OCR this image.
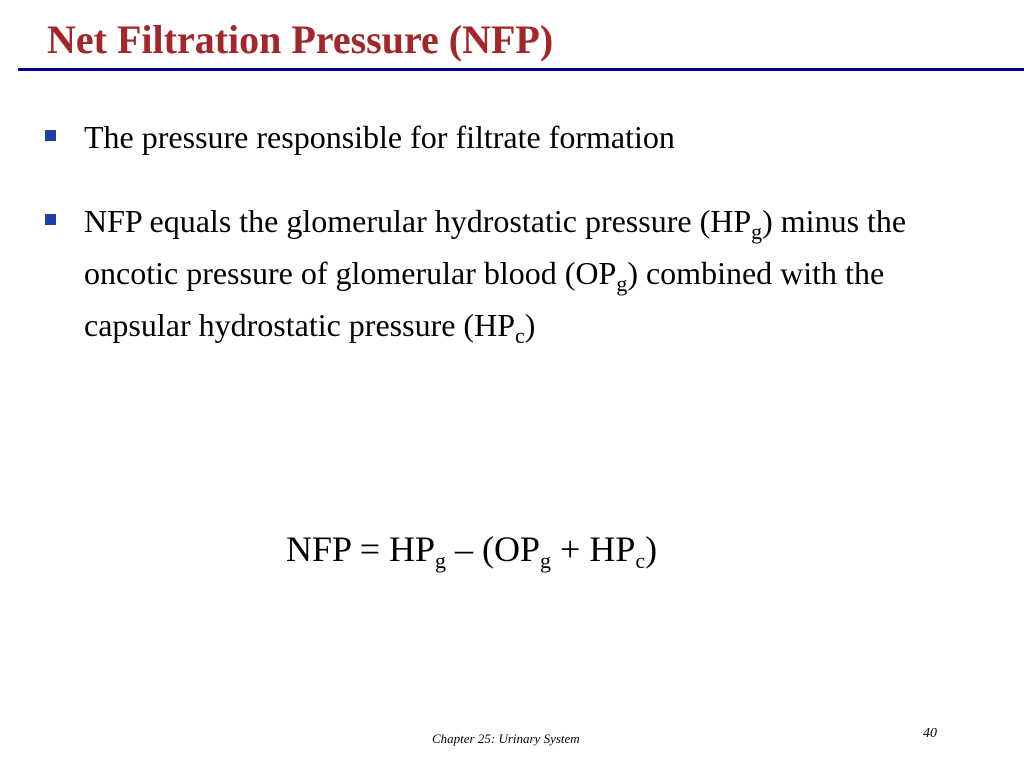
Net Filtration Pressure (NFP)
The pressure responsible for filtrate formation
NFP equals the glomerular hydrostatic pressure $(HP_g)$ minus the oncotic pressure of glomerular blood $(OP_g)$ combined with the capsular hydrostatic pressure $(HP_c)$
NFP = $HP_g - (OP_g + HP_c)$
Chapter 25: Urinary System	40
